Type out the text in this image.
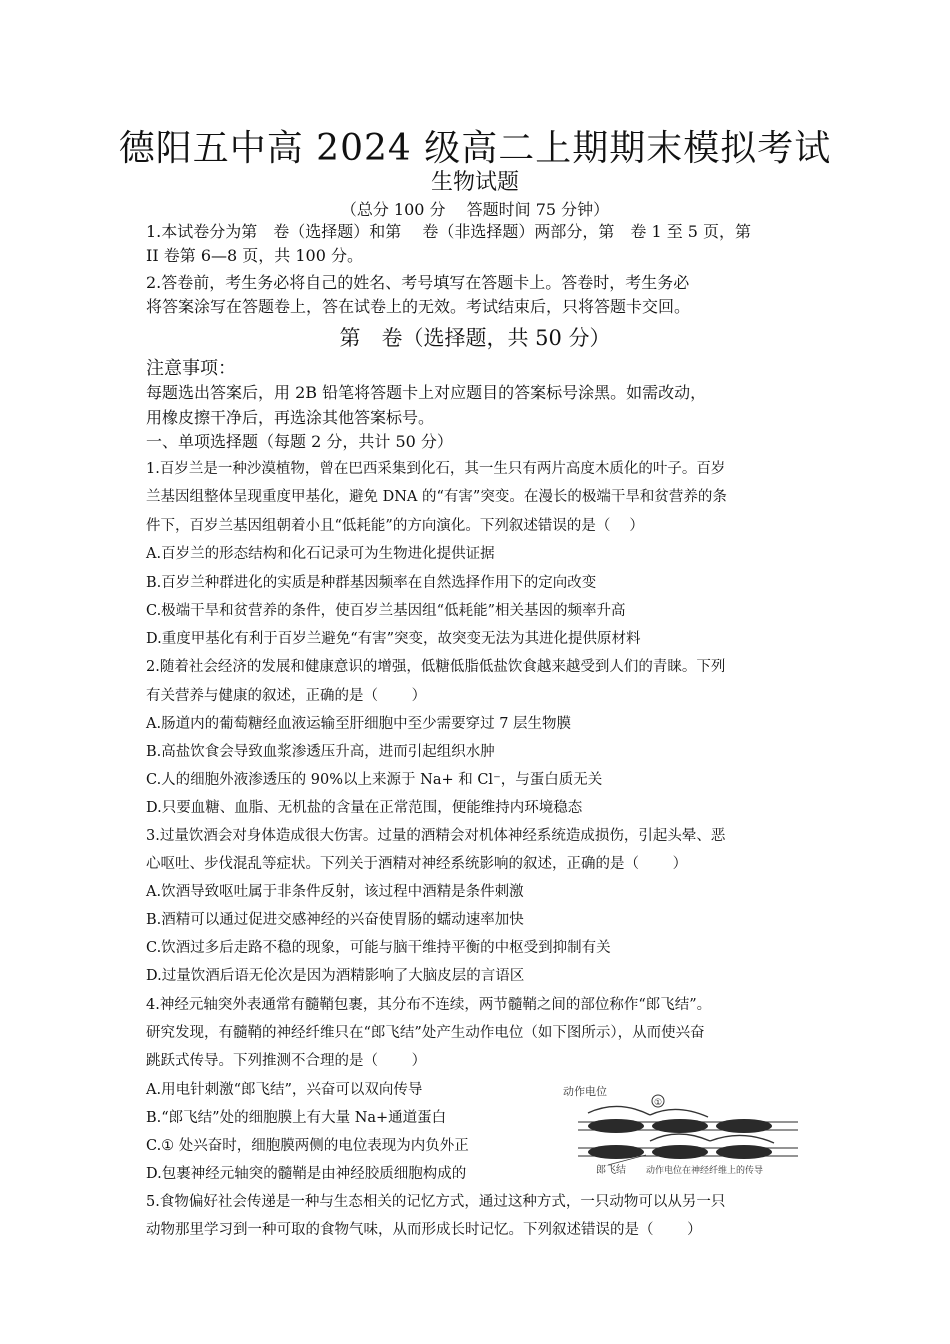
德阳五中高 2024 级高二上期期末模拟考试
生物试题
（总分 100 分　 答题时间 75 分钟）
1.本试卷分为第　卷（选择题）和第　 卷（非选择题）两部分，第　卷 1 至 5 页，第
II 卷第 6—8 页，共 100 分。
2.答卷前，考生务必将自己的姓名、考号填写在答题卡上。答卷时，考生务必
将答案涂写在答题卷上，答在试卷上的无效。考试结束后，只将答题卡交回。
第　卷（选择题，共 50 分）
注意事项：
每题选出答案后，用 2B 铅笔将答题卡上对应题目的答案标号涂黑。如需改动，
用橡皮擦干净后，再选涂其他答案标号。
一、单项选择题（每题 2 分，共计 50 分）
1.百岁兰是一种沙漠植物，曾在巴西采集到化石，其一生只有两片高度木质化的叶子。百岁
兰基因组整体呈现重度甲基化，避免 DNA 的“有害”突变。在漫长的极端干旱和贫营养的条
件下，百岁兰基因组朝着小且“低耗能”的方向演化。下列叙述错误的是（　 ）
A.百岁兰的形态结构和化石记录可为生物进化提供证据
B.百岁兰种群进化的实质是种群基因频率在自然选择作用下的定向改变
C.极端干旱和贫营养的条件，使百岁兰基因组“低耗能”相关基因的频率升高
D.重度甲基化有利于百岁兰避免“有害”突变，故突变无法为其进化提供原材料
2.随着社会经济的发展和健康意识的增强，低糖低脂低盐饮食越来越受到人们的青睐。下列
有关营养与健康的叙述，正确的是（　　 ）
A.肠道内的葡萄糖经血液运输至肝细胞中至少需要穿过 7 层生物膜
B.高盐饮食会导致血浆渗透压升高，进而引起组织水肿
C.人的细胞外液渗透压的 90%以上来源于 Na+ 和 Cl⁻，与蛋白质无关
D.只要血糖、血脂、无机盐的含量在正常范围，便能维持内环境稳态
3.过量饮酒会对身体造成很大伤害。过量的酒精会对机体神经系统造成损伤，引起头晕、恶
心呕吐、步伐混乱等症状。下列关于酒精对神经系统影响的叙述，正确的是（　　 ）
A.饮酒导致呕吐属于非条件反射，该过程中酒精是条件刺激
B.酒精可以通过促进交感神经的兴奋使胃肠的蠕动速率加快
C.饮酒过多后走路不稳的现象，可能与脑干维持平衡的中枢受到抑制有关
D.过量饮酒后语无伦次是因为酒精影响了大脑皮层的言语区
4.神经元轴突外表通常有髓鞘包裹，其分布不连续，两节髓鞘之间的部位称作“郎飞结”。
研究发现，有髓鞘的神经纤维只在“郎飞结”处产生动作电位（如下图所示），从而使兴奋
跳跃式传导。下列推测不合理的是（　　 ）
A.用电针刺激“郎飞结”，兴奋可以双向传导
B.“郎飞结”处的细胞膜上有大量 Na+通道蛋白
C.① 处兴奋时，细胞膜两侧的电位表现为内负外正
D.包裹神经元轴突的髓鞘是由神经胶质细胞构成的
①
动作电位
郎飞结 动作电位在神经纤维上的传导
5.食物偏好社会传递是一种与生态相关的记忆方式，通过这种方式，一只动物可以从另一只
动物那里学习到一种可取的食物气味，从而形成长时记忆。下列叙述错误的是（　　 ）
